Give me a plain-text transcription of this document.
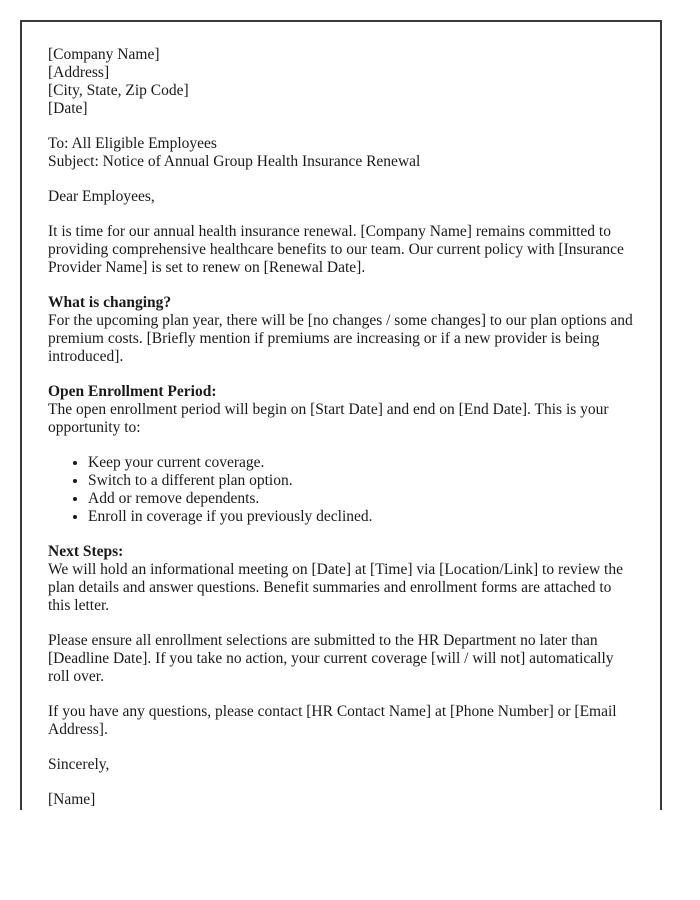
[Company Name]
[Address]
[City, State, Zip Code]
[Date]

To: All Eligible Employees
Subject: Notice of Annual Group Health Insurance Renewal

Dear Employees,

It is time for our annual health insurance renewal. [Company Name] remains committed to providing comprehensive healthcare benefits to our team. Our current policy with [Insurance Provider Name] is set to renew on [Renewal Date].

What is changing?
For the upcoming plan year, there will be [no changes / some changes] to our plan options and premium costs. [Briefly mention if premiums are increasing or if a new provider is being introduced].

Open Enrollment Period:
The open enrollment period will begin on [Start Date] and end on [End Date]. This is your opportunity to:

• Keep your current coverage.
• Switch to a different plan option.
• Add or remove dependents.
• Enroll in coverage if you previously declined.

Next Steps:
We will hold an informational meeting on [Date] at [Time] via [Location/Link] to review the plan details and answer questions. Benefit summaries and enrollment forms are attached to this letter.

Please ensure all enrollment selections are submitted to the HR Department no later than [Deadline Date]. If you take no action, your current coverage [will / will not] automatically roll over.

If you have any questions, please contact [HR Contact Name] at [Phone Number] or [Email Address].

Sincerely,

[Name]
